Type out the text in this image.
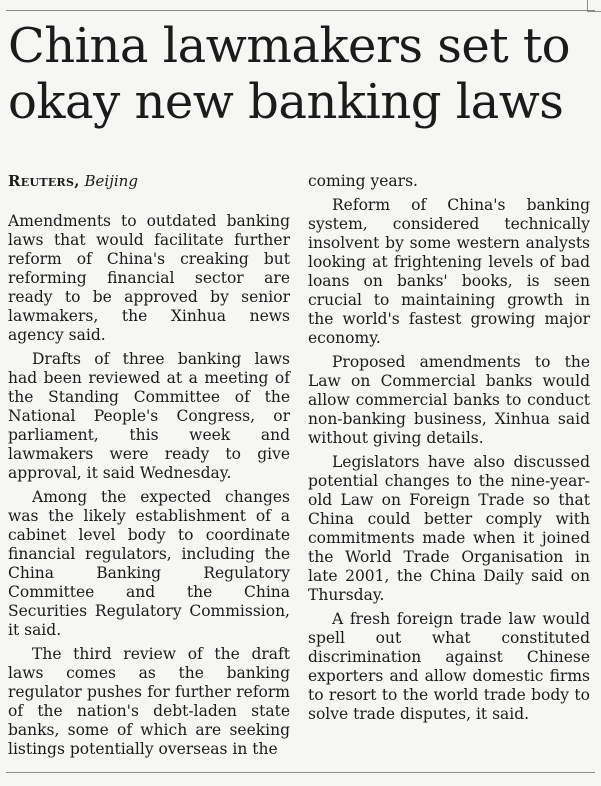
China lawmakers set to okay new banking laws
Reuters, Beijing

Amendments to outdated banking laws that would facilitate further reform of China's creaking but reforming financial sector are ready to be approved by senior lawmakers, the Xinhua news agency said.

Drafts of three banking laws had been reviewed at a meeting of the Standing Committee of the National People's Congress, or parliament, this week and lawmakers were ready to give approval, it said Wednesday.

Among the expected changes was the likely establishment of a cabinet level body to coordinate financial regulators, including the China Banking Regulatory Committee and the China Securities Regulatory Commission, it said.

The third review of the draft laws comes as the banking regulator pushes for further reform of the nation's debt-laden state banks, some of which are seeking listings potentially overseas in the

coming years.

Reform of China's banking system, considered technically insolvent by some western analysts looking at frightening levels of bad loans on banks' books, is seen crucial to maintaining growth in the world's fastest growing major economy.

Proposed amendments to the Law on Commercial banks would allow commercial banks to conduct non-banking business, Xinhua said without giving details.

Legislators have also discussed potential changes to the nine-year-old Law on Foreign Trade so that China could better comply with commitments made when it joined the World Trade Organisation in late 2001, the China Daily said on Thursday.

A fresh foreign trade law would spell out what constituted discrimination against Chinese exporters and allow domestic firms to resort to the world trade body to solve trade disputes, it said.
